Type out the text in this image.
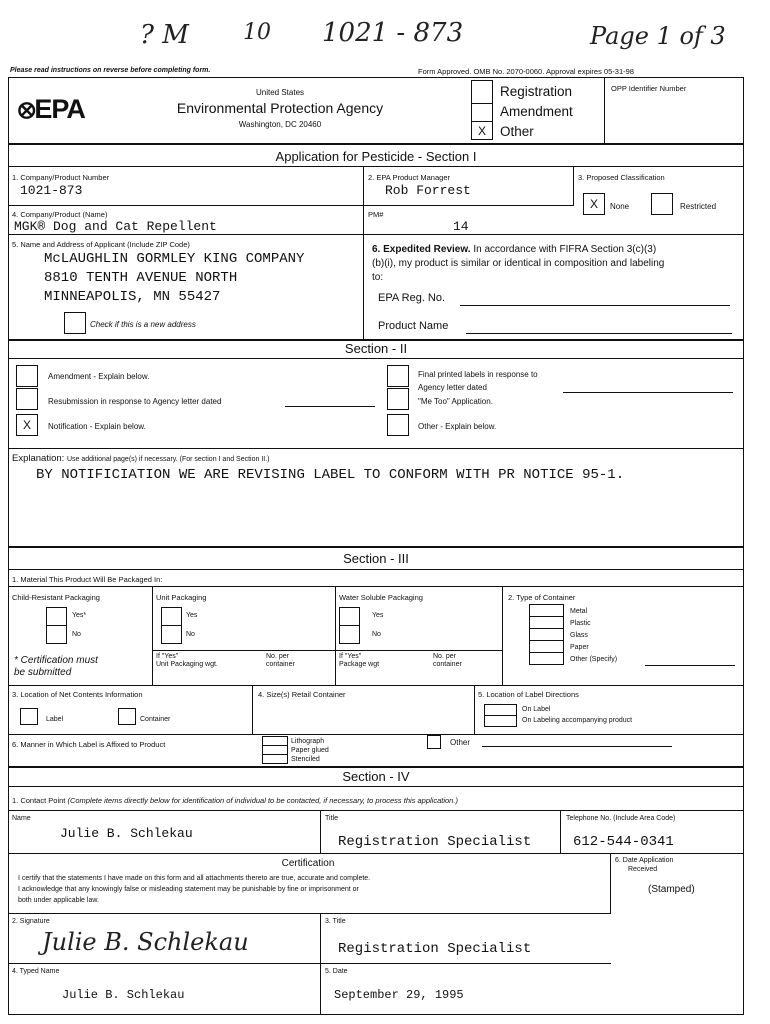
? M 10 1021 - 873	Page 1 of 3
Please read instructions on reverse before completing form.	Form Approved. OMB No. 2070-0060. Approval expires 05-31-98
⭙EPA
United States
Environmental Protection Agency
Washington, DC 20460	X
Registration
Amendment
Other
OPP Identifier Number
Application for Pesticide - Section I
1. Company/Product Number
1021-873
2. EPA Product Manager
Rob Forrest
3. Proposed Classification
X	None	Restricted
4. Company/Product (Name)
MGK® Dog and Cat Repellent
PM#
14
5. Name and Address of Applicant (Include ZIP Code)
McLAUGHLIN GORMLEY KING COMPANY
8810 TENTH AVENUE NORTH
MINNEAPOLIS, MN 55427
Check if this is a new address
6. Expedited Review. In accordance with FIFRA Section 3(c)(3)
(b)(i), my product is similar or identical in composition and labeling
to:
EPA Reg. No.
Product Name
Section - II
Amendment - Explain below.
Resubmission in response to Agency letter dated
X	Notification - Explain below.
Final printed labels in response to
Agency letter dated
"Me Too" Application.
Other - Explain below.
Explanation: Use additional page(s) if necessary. (For section I and Section II.)
BY NOTIFICIATION WE ARE REVISING LABEL TO CONFORM WITH PR NOTICE 95-1.
Section - III
1. Material This Product Will Be Packaged In:
Child-Resistant Packaging
Yes*
No
* Certification must
be submitted
Unit Packaging
Yes
No
If "Yes"
Unit Packaging wgt.
No. per
container
Water Soluble Packaging
Yes
No
If "Yes"
Package wgt
No. per
container
2. Type of Container
Metal
Plastic
Glass
Paper
Other (Specify)
3. Location of Net Contents Information
Label	Container
4. Size(s) Retail Container	5. Location of Label Directions
On Label
On Labeling accompanying product
6. Manner in Which Label is Affixed to Product	Lithograph
Paper glued
Stenciled
Other
Section - IV
1. Contact Point (Complete items directly below for identification of individual to be contacted, if necessary, to process this application.)
Name
Julie B. Schlekau
Title
Registration Specialist
Telephone No. (Include Area Code)
612-544-0341
Certification
I certify that the statements I have made on this form and all attachments thereto are true, accurate and complete.
I acknowledge that any knowingly false or misleading statement may be punishable by fine or imprisonment or
both under applicable law.
6. Date Application
Received
(Stamped)
2. Signature
Julie B. Schlekau
3. Title
Registration Specialist
4. Typed Name
Julie B. Schlekau
5. Date
September 29, 1995
